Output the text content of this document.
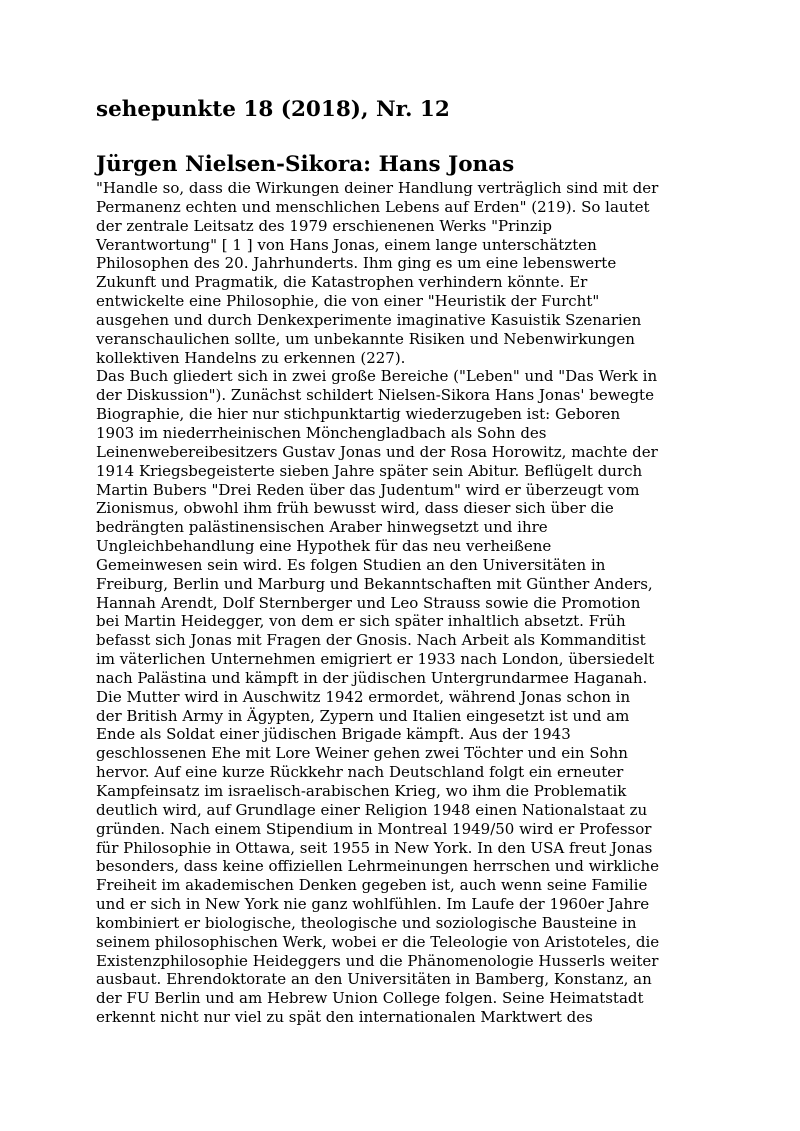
sehepunkte 18 (2018), Nr. 12
Jürgen Nielsen-Sikora: Hans Jonas

"Handle so, dass die Wirkungen deiner Handlung verträglich sind mit der
Permanenz echten und menschlichen Lebens auf Erden" (219). So lautet
der zentrale Leitsatz des 1979 erschienenen Werks "Prinzip
Verantwortung" [ 1 ] von Hans Jonas, einem lange unterschätzten
Philosophen des 20. Jahrhunderts. Ihm ging es um eine lebenswerte
Zukunft und Pragmatik, die Katastrophen verhindern könnte. Er
entwickelte eine Philosophie, die von einer "Heuristik der Furcht"
ausgehen und durch Denkexperimente imaginative Kasuistik Szenarien
veranschaulichen sollte, um unbekannte Risiken und Nebenwirkungen
kollektiven Handelns zu erkennen (227).

Das Buch gliedert sich in zwei große Bereiche ("Leben" und "Das Werk in
der Diskussion"). Zunächst schildert Nielsen-Sikora Hans Jonas' bewegte
Biographie, die hier nur stichpunktartig wiederzugeben ist: Geboren
1903 im niederrheinischen Mönchengladbach als Sohn des
Leinenwebereibesitzers Gustav Jonas und der Rosa Horowitz, machte der
1914 Kriegsbegeisterte sieben Jahre später sein Abitur. Beflügelt durch
Martin Bubers "Drei Reden über das Judentum" wird er überzeugt vom
Zionismus, obwohl ihm früh bewusst wird, dass dieser sich über die
bedrängten palästinensischen Araber hinwegsetzt und ihre
Ungleichbehandlung eine Hypothek für das neu verheißene
Gemeinwesen sein wird. Es folgen Studien an den Universitäten in
Freiburg, Berlin und Marburg und Bekanntschaften mit Günther Anders,
Hannah Arendt, Dolf Sternberger und Leo Strauss sowie die Promotion
bei Martin Heidegger, von dem er sich später inhaltlich absetzt. Früh
befasst sich Jonas mit Fragen der Gnosis. Nach Arbeit als Kommanditist
im väterlichen Unternehmen emigriert er 1933 nach London, übersiedelt
nach Palästina und kämpft in der jüdischen Untergrundarmee Haganah.
Die Mutter wird in Auschwitz 1942 ermordet, während Jonas schon in
der British Army in Ägypten, Zypern und Italien eingesetzt ist und am
Ende als Soldat einer jüdischen Brigade kämpft. Aus der 1943
geschlossenen Ehe mit Lore Weiner gehen zwei Töchter und ein Sohn
hervor. Auf eine kurze Rückkehr nach Deutschland folgt ein erneuter
Kampfeinsatz im israelisch-arabischen Krieg, wo ihm die Problematik
deutlich wird, auf Grundlage einer Religion 1948 einen Nationalstaat zu
gründen. Nach einem Stipendium in Montreal 1949/50 wird er Professor
für Philosophie in Ottawa, seit 1955 in New York. In den USA freut Jonas
besonders, dass keine offiziellen Lehrmeinungen herrschen und wirkliche
Freiheit im akademischen Denken gegeben ist, auch wenn seine Familie
und er sich in New York nie ganz wohlfühlen. Im Laufe der 1960er Jahre
kombiniert er biologische, theologische und soziologische Bausteine in
seinem philosophischen Werk, wobei er die Teleologie von Aristoteles, die
Existenzphilosophie Heideggers und die Phänomenologie Husserls weiter
ausbaut. Ehrendoktorate an den Universitäten in Bamberg, Konstanz, an
der FU Berlin und am Hebrew Union College folgen. Seine Heimatstadt
erkennt nicht nur viel zu spät den internationalen Marktwert des
